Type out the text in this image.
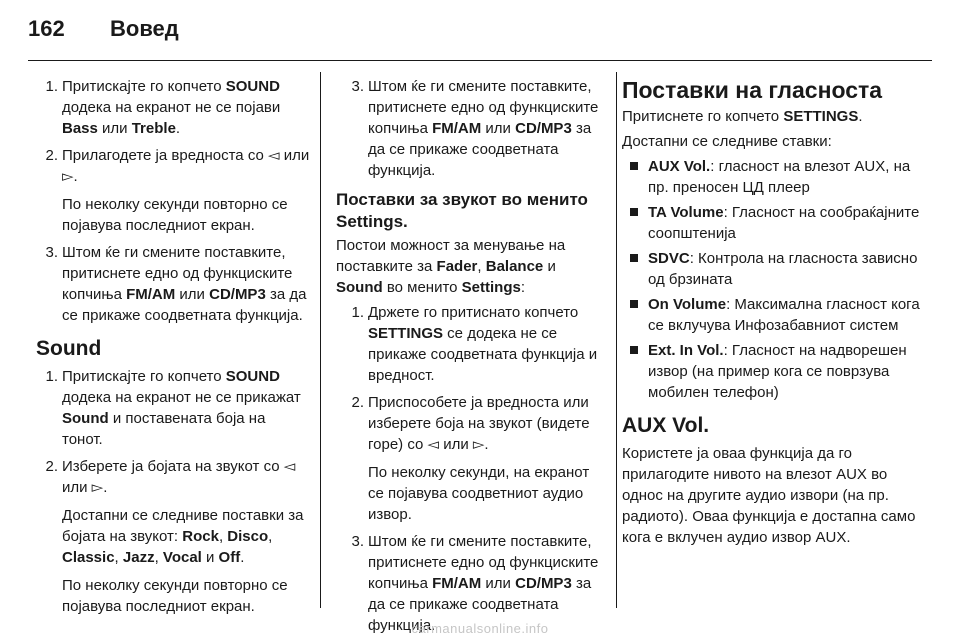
162 Вовед
1. Притискајте го копчето SOUND додека на екранот не се појави Bass или Treble.

2. Прилагодете ја вредноста со ◅ или ▻.

По неколку секунди повторно се појавува последниот екран.

3. Штом ќе ги смените поставките, притиснете едно од функциските копчиња FM/AM или CD/MP3 за да се прикаже соодветната функција.

Sound
1. Притискајте го копчето SOUND додека на екранот не се прикажат Sound и поставената боја на тонот.

2. Изберете ја бојата на звукот со ◅ или ▻.

Достапни се следниве поставки за бојата на звукот: Rock, Disco, Classic, Jazz, Vocal и Off.

По неколку секунди повторно се појавува последниот екран.

3. Штом ќе ги смените поставките, притиснете едно од функциските копчиња FM/AM или CD/MP3 за да се прикаже соодветната функција.

Поставки за звукот во менито Settings.

Постои можност за менување на поставките за Fader, Balance и Sound во менито Settings:

1. Држете го притиснато копчето SETTINGS се додека не се прикаже соодветната функција и вредност.

2. Приспособете ја вредноста или изберете боја на звукот (видете горе) со ◅ или ▻.

По неколку секунди, на екранот се појавува соодветниот аудио извор.

3. Штом ќе ги смените поставките, притиснете едно од функциските копчиња FM/AM или CD/MP3 за да се прикаже соодветната функција.

Поставки на гласноста

Притиснете го копчето SETTINGS.

Достапни се следниве ставки:

AUX Vol.: гласност на влезот AUX, на пр. преносен ЦД плеер
TA Volume: Гласност на сообраќајните соопштенија
SDVC: Контрола на гласноста зависно од брзината
On Volume: Максимална гласност кога се вклучува Инфозабавниот систем
Ext. In Vol.: Гласност на надворешен извор (на пример кога се поврзува мобилен телефон)
AUX Vol.

Користете ја оваа функција да го прилагодите нивото на влезот AUX во однос на другите аудио извори (на пр. радиото). Оваа функција е достапна само кога е вклучен аудио извор AUX.

carmanualsonline.info
